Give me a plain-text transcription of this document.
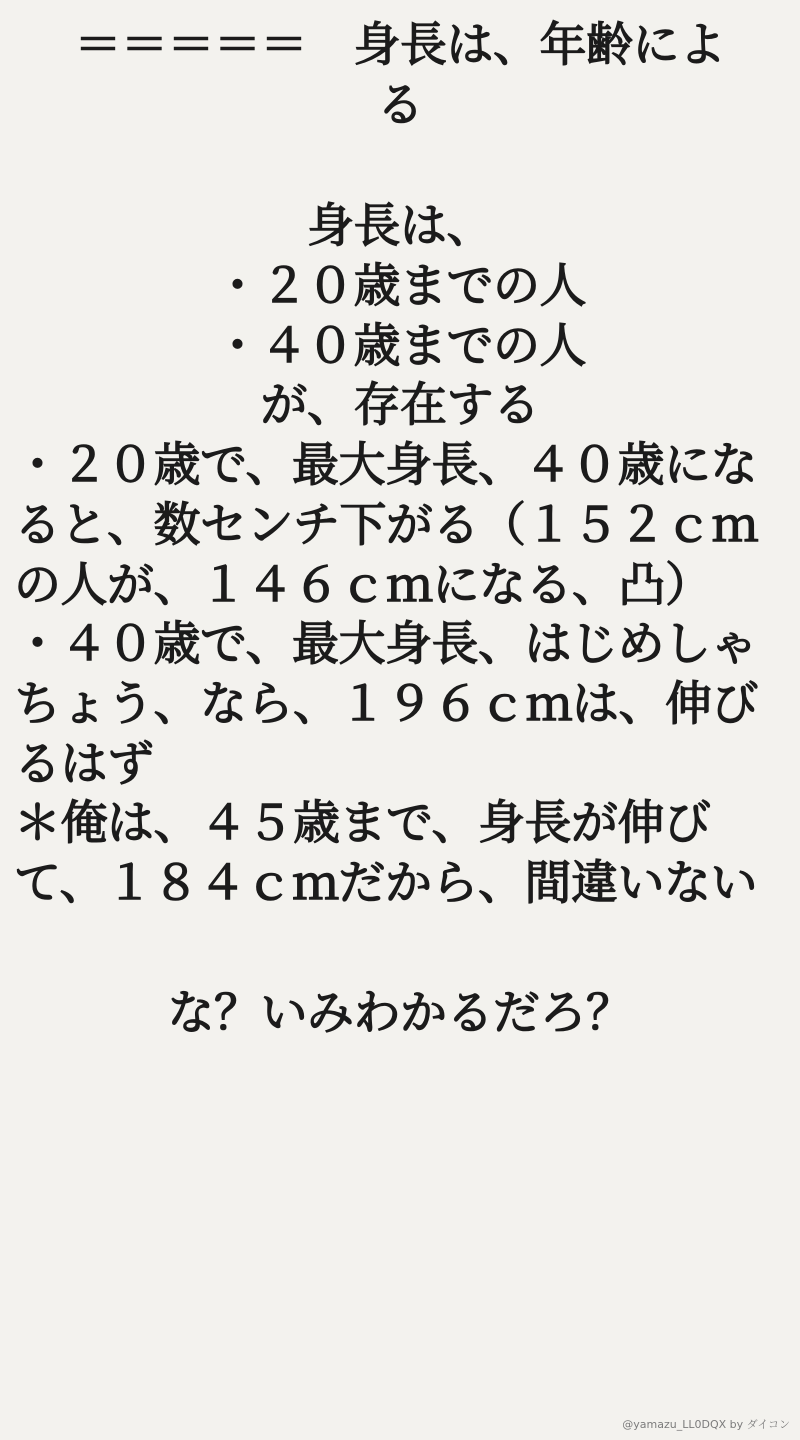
＝＝＝＝＝　身長は、年齢によ
る
身長は、
・２０歳までの人
・４０歳までの人
が、存在する
・２０歳で、最大身長、４０歳になると、数センチ下がる（１５２ｃｍの人が、１４６ｃｍになる、凸）
・４０歳で、最大身長、はじめしゃちょう、なら、１９６ｃｍは、伸びるはず
＊俺は、４５歳まで、身長が伸びて、１８４ｃｍだから、間違いない
な？いみわかるだろ？
@yamazu_LL0DQX by ダイコン
